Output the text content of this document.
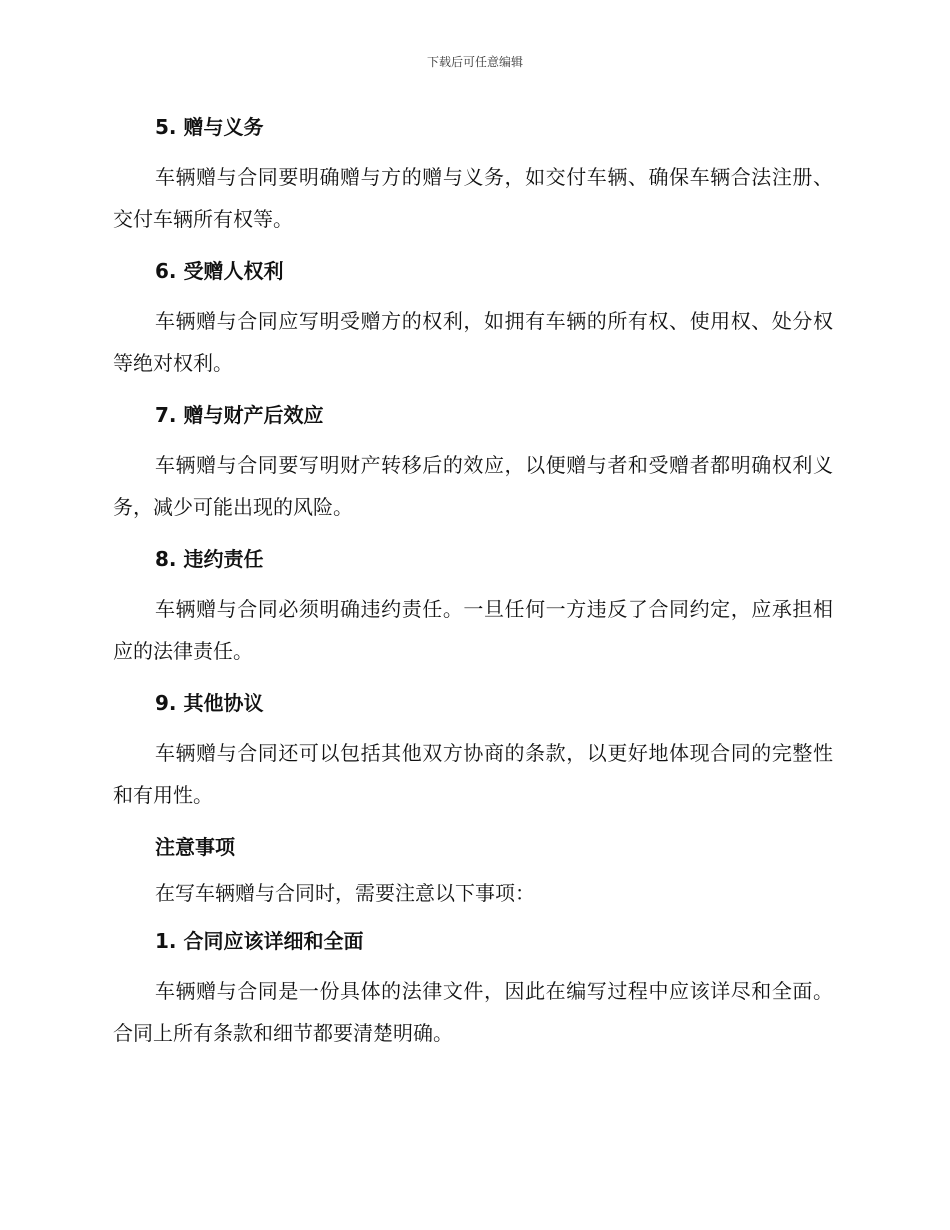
下载后可任意编辑
5. 赠与义务
车辆赠与合同要明确赠与方的赠与义务，如交付车辆、确保车辆合法注册、交付车辆所有权等。
6. 受赠人权利
车辆赠与合同应写明受赠方的权利，如拥有车辆的所有权、使用权、处分权等绝对权利。
7. 赠与财产后效应
车辆赠与合同要写明财产转移后的效应，以便赠与者和受赠者都明确权利义务，减少可能出现的风险。
8. 违约责任
车辆赠与合同必须明确违约责任。一旦任何一方违反了合同约定，应承担相应的法律责任。
9. 其他协议
车辆赠与合同还可以包括其他双方协商的条款，以更好地体现合同的完整性和有用性。
注意事项
在写车辆赠与合同时，需要注意以下事项：
1. 合同应该详细和全面
车辆赠与合同是一份具体的法律文件，因此在编写过程中应该详尽和全面。合同上所有条款和细节都要清楚明确。
